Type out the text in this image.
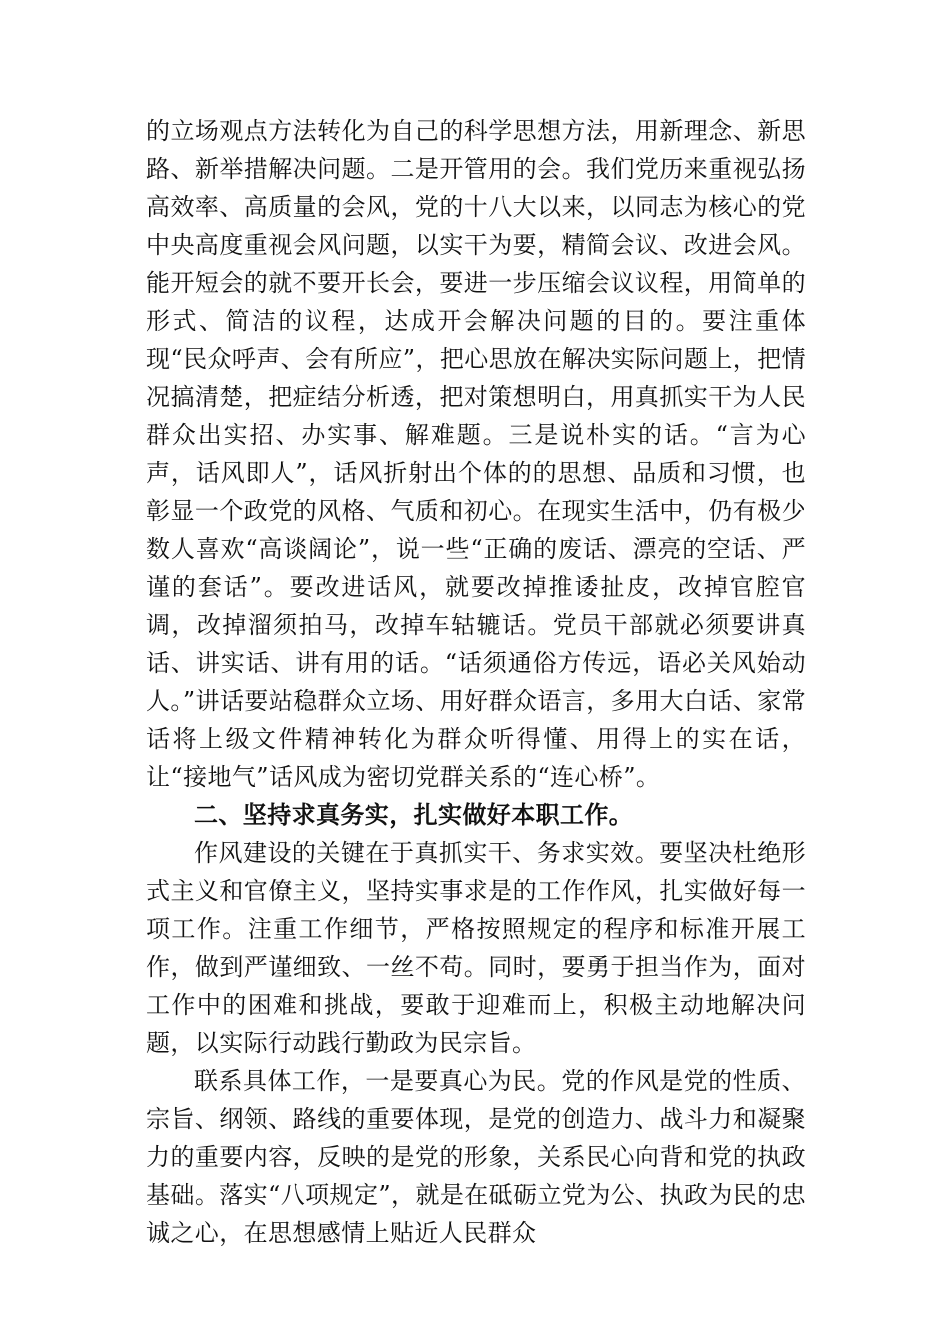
的立场观点方法转化为自己的科学思想方法，用新理念、新思路、新举措解决问题。二是开管用的会。我们党历来重视弘扬高效率、高质量的会风，党的十八大以来，以同志为核心的党中央高度重视会风问题，以实干为要，精简会议、改进会风。能开短会的就不要开长会，要进一步压缩会议议程，用简单的形式、简洁的议程，达成开会解决问题的目的。要注重体现“民众呼声、会有所应”，把心思放在解决实际问题上，把情况搞清楚，把症结分析透，把对策想明白，用真抓实干为人民群众出实招、办实事、解难题。三是说朴实的话。“言为心声，话风即人”，话风折射出个体的的思想、品质和习惯，也彰显一个政党的风格、气质和初心。在现实生活中，仍有极少数人喜欢“高谈阔论”，说一些“正确的废话、漂亮的空话、严谨的套话”。要改进话风，就要改掉推诿扯皮，改掉官腔官调，改掉溜须拍马，改掉车轱辘话。党员干部就必须要讲真话、讲实话、讲有用的话。“话须通俗方传远，语必关风始动人。”讲话要站稳群众立场、用好群众语言，多用大白话、家常话将上级文件精神转化为群众听得懂、用得上的实在话，让“接地气”话风成为密切党群关系的“连心桥”。

二、坚持求真务实，扎实做好本职工作。

作风建设的关键在于真抓实干、务求实效。要坚决杜绝形式主义和官僚主义，坚持实事求是的工作作风，扎实做好每一项工作。注重工作细节，严格按照规定的程序和标准开展工作，做到严谨细致、一丝不苟。同时，要勇于担当作为，面对工作中的困难和挑战，要敢于迎难而上，积极主动地解决问题，以实际行动践行勤政为民宗旨。

联系具体工作，一是要真心为民。党的作风是党的性质、宗旨、纲领、路线的重要体现，是党的创造力、战斗力和凝聚力的重要内容，反映的是党的形象，关系民心向背和党的执政基础。落实“八项规定”，就是在砥砺立党为公、执政为民的忠诚之心，在思想感情上贴近人民群众
